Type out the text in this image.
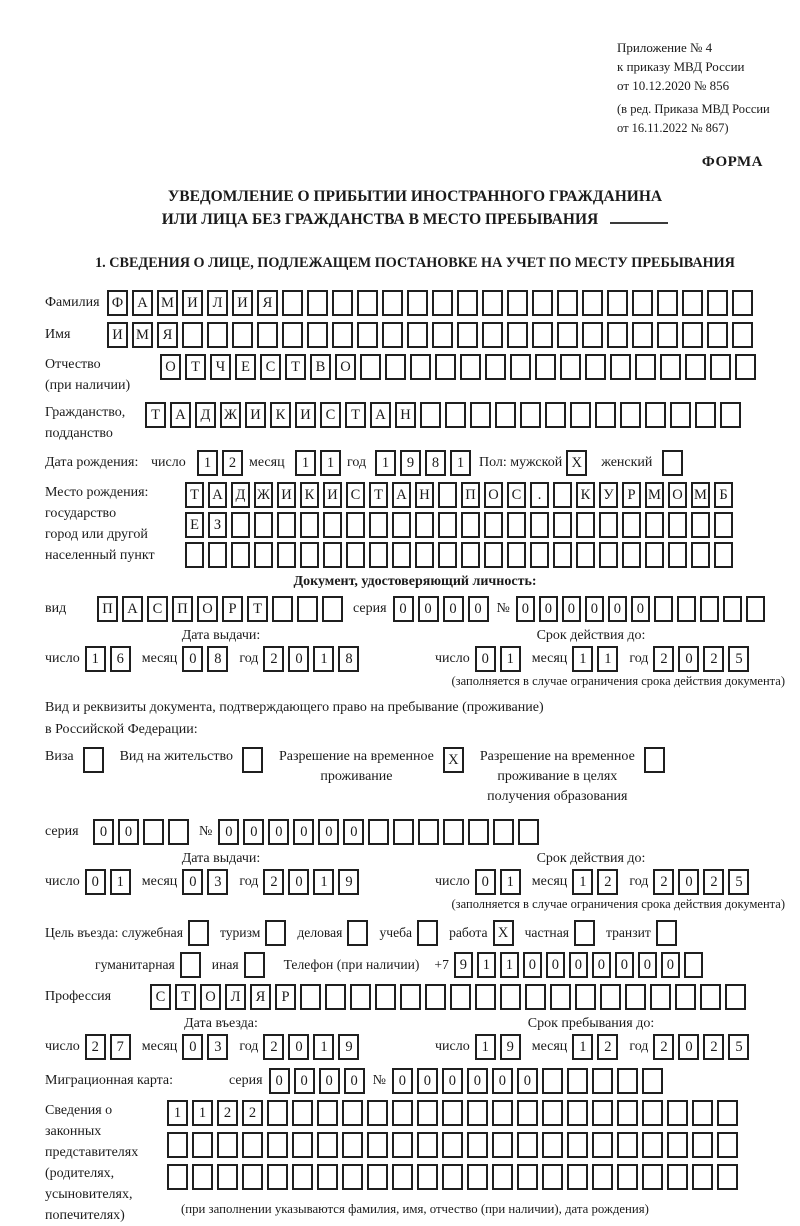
Приложение № 4
к приказу МВД России
от 10.12.2020 № 856
(в ред. Приказа МВД России
от 16.11.2022 № 867)
ФОРМА
УВЕДОМЛЕНИЕ О ПРИБЫТИИ ИНОСТРАННОГО ГРАЖДАНИНА
ИЛИ ЛИЦА БЕЗ ГРАЖДАНСТВА В МЕСТО ПРЕБЫВАНИЯ
1. СВЕДЕНИЯ О ЛИЦЕ, ПОДЛЕЖАЩЕМ ПОСТАНОВКЕ НА УЧЕТ ПО МЕСТУ ПРЕБЫВАНИЯ
Фамилия Ф А М И	Л	И	Я
Имя	И М Я
Отчество
(при наличии)
О	Т	Ч	Е	С	Т	В	О
Гражданство,
подданство
Т	А	Д Ж И	К	И	С	Т	А	Н
Дата рождения: число	1	2 месяц	1	1 год	1	9	8	1	Пол: мужской X	женский
Место рождения:
государство
город или другой
населенный пункт
Т А Д Ж И К И С Т А Н П О С	.	К У Р М О М Б
Е	З
Документ, удостоверяющий личность:
вид	П	А	С	П	О	Р	Т	серия 0	0	0	0	№ 0	0	0	0	0	0
Дата выдачи:
число 1	6	месяц 0	8	год 2	0	1	8
Срок действия до:
число 0	1	месяц 1	1	год 2	0	2	5
(заполняется в случае ограничения срока действия документа)
Вид и реквизиты документа, подтверждающего право на пребывание (проживание)
в Российской Федерации:
Виза	Вид на жительство	Разрешение на временное
проживание
X	Разрешение на временное
проживание в целях
получения образования
серия	0	0	№ 0	0	0	0	0	0
Дата выдачи:
число 0	1	месяц 0	3	год 2	0	1	9
Срок действия до:
число 0	1	месяц 1	2	год 2	0	2	5
(заполняется в случае ограничения срока действия документа)
Цель въезда: служебная	туризм	деловая	учеба	работа X	частная	транзит
гуманитарная	иная	Телефон (при наличии) +7 9	1	1	0	0	0	0	0	0	0
Профессия	С	Т	О	Л	Я	Р
Дата въезда:
число 2	7	месяц 0	3	год 2	0	1	9
Срок пребывания до:
число 1	9	месяц 1	2	год 2	0	2	5
Миграционная карта:	серия 0	0	0	0	№ 0	0	0	0	0	0
Сведения о
законных
представителях
(родителях,
усыновителях,
попечителях)
1	1	2	2
(при заполнении указываются фамилия, имя, отчество (при наличии), дата рождения)
